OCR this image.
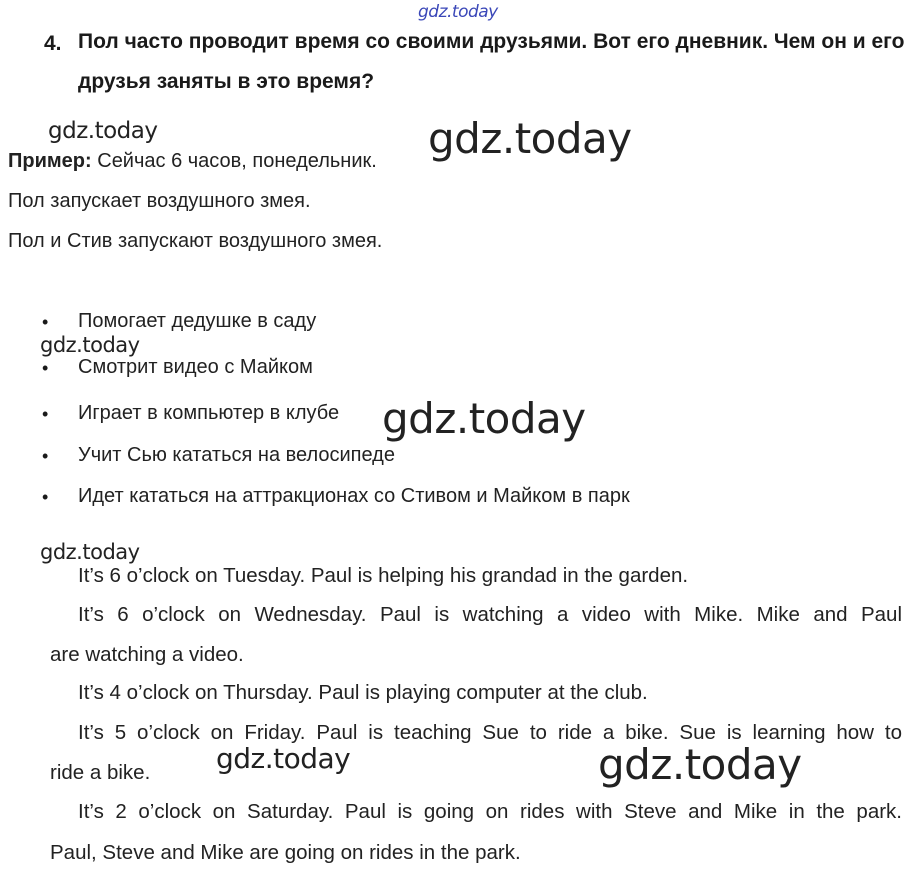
gdz.today
gdz.today	gdz.today
gdz.today
gdz.today
gdz.today
gdz.today	gdz.today
4. Пол часто проводит время со своими друзьями. Вот его дневник. Чем он и его друзья заняты в это время?
Пример: Сейчас 6 часов, понедельник.
Пол запускает воздушного змея.
Пол и Стив запускают воздушного змея.
• Помогает дедушке в саду
• Смотрит видео с Майком
• Играет в компьютер в клубе
• Учит Сью кататься на велосипеде
• Идет кататься на аттракционах со Стивом и Майком в парк
It’s 6 o’clock on Tuesday. Paul is helping his grandad in the garden.
It’s 6 o’clock on Wednesday. Paul is watching a video with Mike. Mike and Paul
are watching a video.
It’s 4 o’clock on Thursday. Paul is playing computer at the club.
It’s 5 o’clock on Friday. Paul is teaching Sue to ride a bike. Sue is learning how to
ride a bike.
It’s 2 o’clock on Saturday. Paul is going on rides with Steve and Mike in the park.
Paul, Steve and Mike are going on rides in the park.
